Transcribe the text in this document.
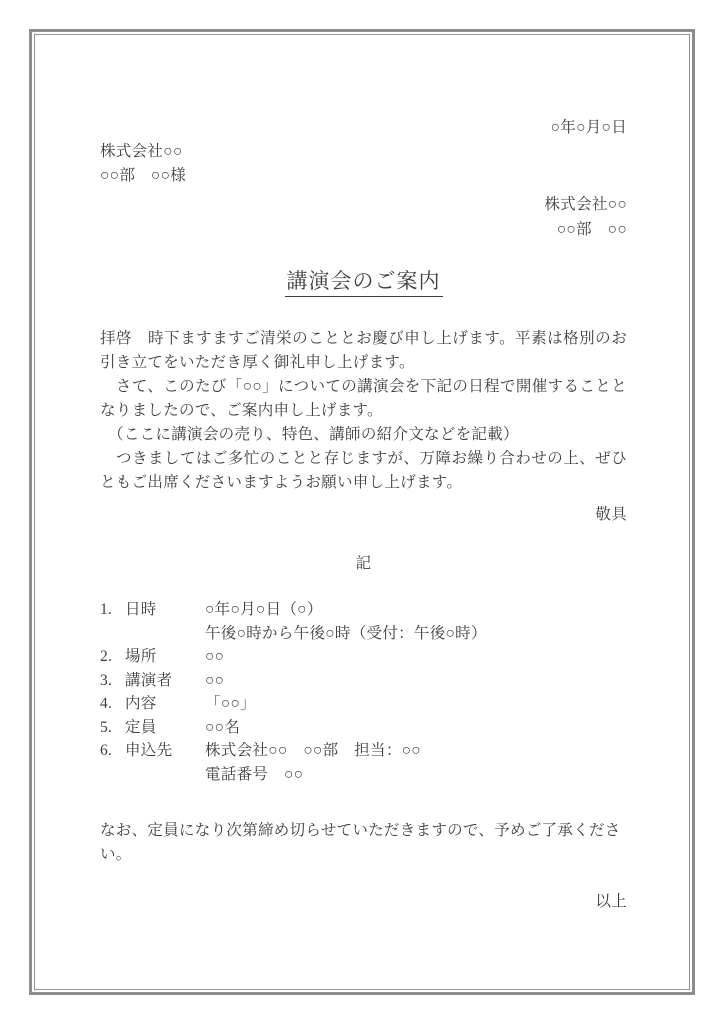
○年○月○日
株式会社○○
○○部　○○様
株式会社○○
○○部　○○
講演会のご案内

拝啓　時下ますますご清栄のこととお慶び申し上げます。平素は格別のお引き立てをいただき厚く御礼申し上げます。

　さて、このたび「○○」についての講演会を下記の日程で開催することとなりましたので、ご案内申し上げます。

　（ここに講演会の売り、特色、講師の紹介文などを記載）

　つきましてはご多忙のことと存じますが、万障お繰り合わせの上、ぜひともご出席くださいますようお願い申し上げます。

敬具
記
1. 日時	○年○月○日（○）
午後○時から午後○時（受付：午後○時）
2. 場所	○○
3. 講演者	○○
4. 内容	「○○」
5. 定員	○○名
6. 申込先	株式会社○○　○○部　担当：○○
電話番号　○○
なお、定員になり次第締め切らせていただきますので、予めご了承ください。
以上
